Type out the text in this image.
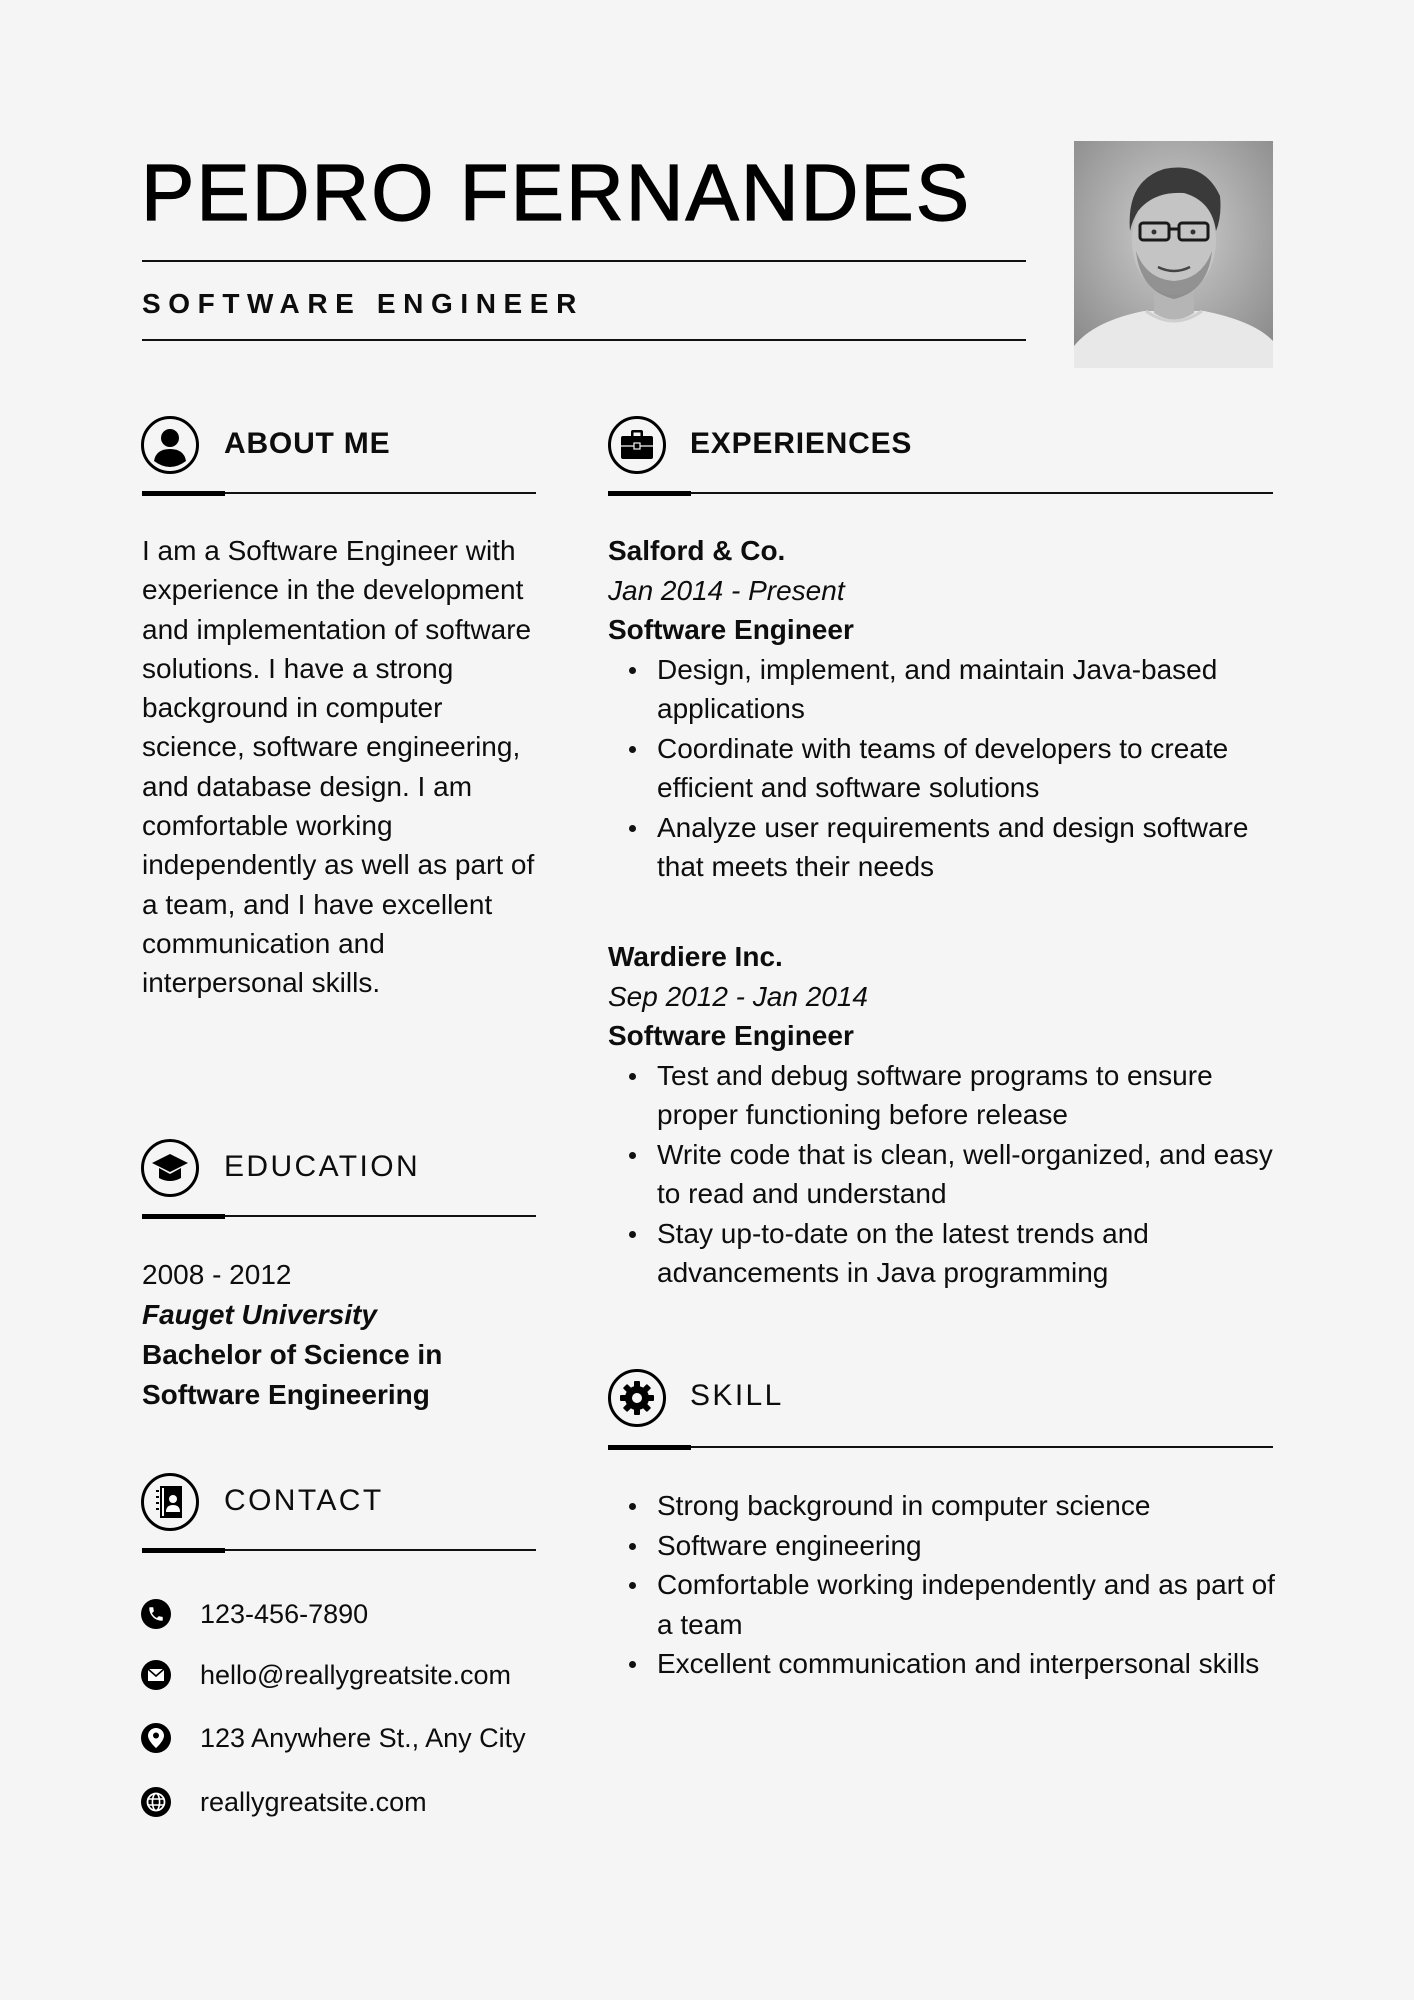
PEDRO FERNANDES
SOFTWARE ENGINEER
ABOUT ME
I am a Software Engineer with experience in the development and implementation of software solutions. I have a strong background in computer science, software engineering, and database design. I am comfortable working independently as well as part of a team, and I have excellent communication and interpersonal skills.
EDUCATION
2008 - 2012
Fauget University
Bachelor of Science in Software Engineering
CONTACT
123-456-7890
hello@reallygreatsite.com
123 Anywhere St., Any City
reallygreatsite.com
EXPERIENCES
Salford & Co.
Jan 2014 - Present
Software Engineer
Design, implement, and maintain Java-based applications
Coordinate with teams of developers to create efficient and software solutions
Analyze user requirements and design software that meets their needs
Wardiere Inc.
Sep 2012 - Jan 2014
Software Engineer
Test and debug software programs to ensure proper functioning before release
Write code that is clean, well-organized, and easy to read and understand
Stay up-to-date on the latest trends and advancements in Java programming
SKILL
Strong background in computer science
Software engineering
Comfortable working independently and as part of a team
Excellent communication and interpersonal skills
